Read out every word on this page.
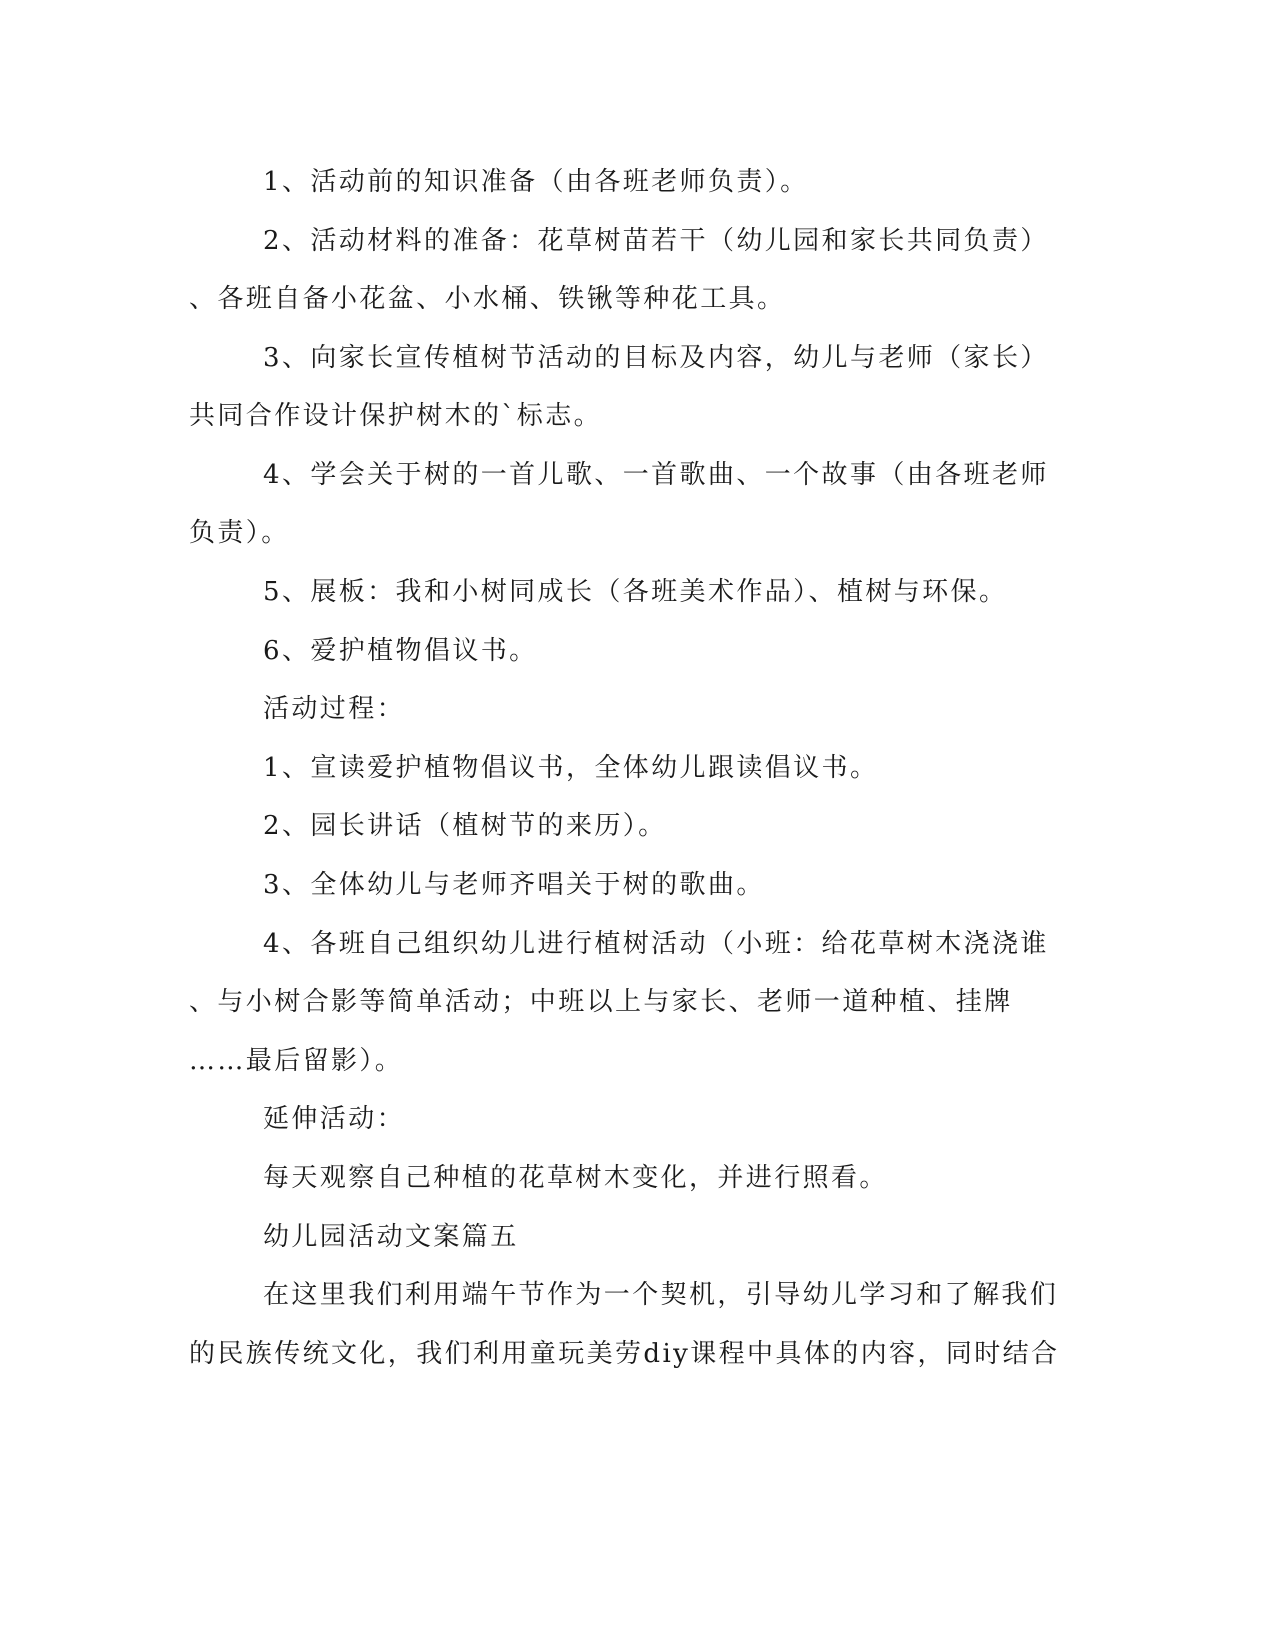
1、活动前的知识准备（由各班老师负责）。
2、活动材料的准备：花草树苗若干（幼儿园和家长共同负责）
、各班自备小花盆、小水桶、铁锹等种花工具。
3、向家长宣传植树节活动的目标及内容，幼儿与老师（家长）
共同合作设计保护树木的`标志。
4、学会关于树的一首儿歌、一首歌曲、一个故事（由各班老师
负责）。
5、展板：我和小树同成长（各班美术作品）、植树与环保。
6、爱护植物倡议书。
活动过程：
1、宣读爱护植物倡议书，全体幼儿跟读倡议书。
2、园长讲话（植树节的来历）。
3、全体幼儿与老师齐唱关于树的歌曲。
4、各班自己组织幼儿进行植树活动（小班：给花草树木浇浇谁
、与小树合影等简单活动；中班以上与家长、老师一道种植、挂牌
……最后留影）。
延伸活动：
每天观察自己种植的花草树木变化，并进行照看。
幼儿园活动文案篇五
在这里我们利用端午节作为一个契机，引导幼儿学习和了解我们
的民族传统文化，我们利用童玩美劳diy课程中具体的内容，同时结合
